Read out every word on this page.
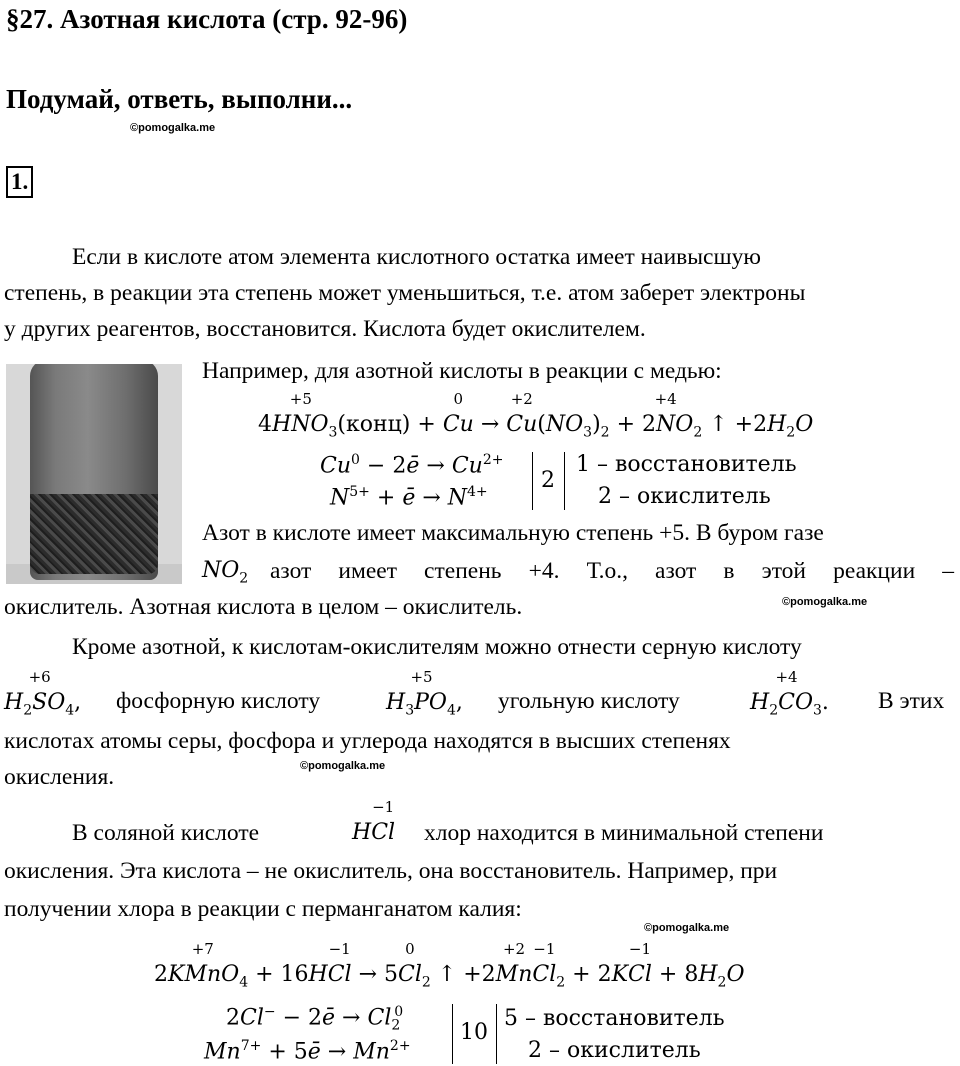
§27. Азотная кислота (стр. 92-96)
Подумай, ответь, выполни...
©pomogalka.me
1.
Если в кислоте атом элемента кислотного остатка имеет наивысшую
степень, в реакции эта степень может уменьшиться, т.е. атом заберет электроны
у других реагентов, восстановится. Кислота будет окислителем.
Например, для азотной кислоты в реакции с медью:
4HN
+5
$O_3(конц) + Cu$
0
→ Cu
+2
$(NO_3)_2 + 2N$
+4
$O_2$ ↑ $+2H_2O$
$Cu^0$ − 2ē → $Cu^{2+}$
$N^{5+}$ + ē → $N^{4+}$ 2
1 – восстановитель
2 – окислитель
Азот в кислоте имеет максимальную степень +5. В буром газе
$NO_2$ азот имеет степень +4. Т.о., азот в этой реакции –
окислитель. Азотная кислота в целом – окислитель.	©pomogalka.me
Кроме азотной, к кислотам-окислителям можно отнести серную кислоту
$H_2S$
+6
$O_4$, фосфорную кислоту	$H_3P$
+5
$O_4$, угольную кислоту	$H_2C$
+4
$O_3$. В этих
кислотах атомы серы, фосфора и углерода находятся в высших степенях
©pomogalka.me
окисления.
В соляной кислоте	HCl
−1
хлор находится в минимальной степени
окисления. Эта кислота – не окислитель, она восстановитель. Например, при
получении хлора в реакции с перманганатом калия:
©pomogalka.me
2KMn
+7
$O_4 + 16HCl$
−1
→ 5Cl
0
$_2$ ↑ +2Mn
+2
Cl
−1
$_2$ + 2KCl
−1
+ $8H_2O$
2Cl− − 2ē → $Cl_2^0$
$Mn^{7+}$ + 5ē → $Mn^{2+}$
10
5 – восстановитель
2 – окислитель
